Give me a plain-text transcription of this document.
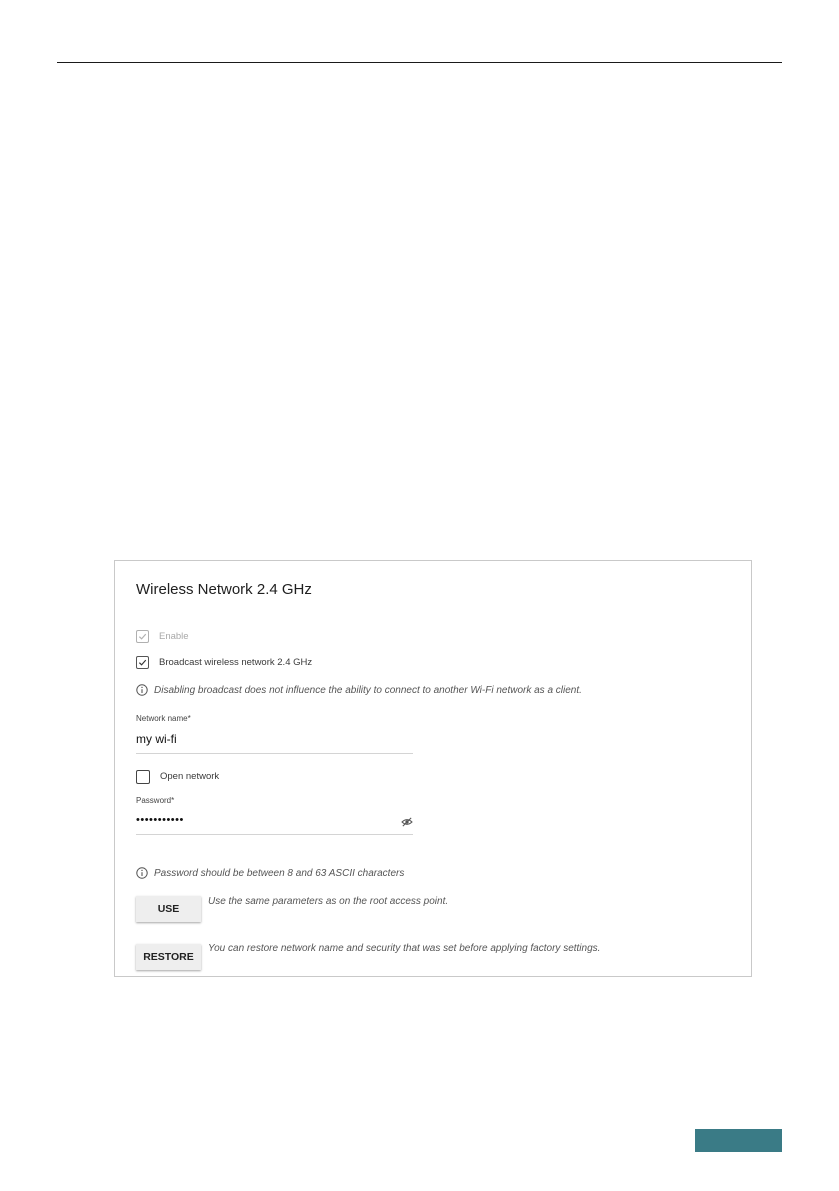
Wireless Network 2.4 GHz
Enable
Broadcast wireless network 2.4 GHz
Disabling broadcast does not influence the ability to connect to another Wi-Fi network as a client.
Network name*
my wi-fi
Open network
Password*
•••••••••••
Password should be between 8 and 63 ASCII characters
USE
Use the same parameters as on the root access point.
RESTORE
You can restore network name and security that was set before applying factory settings.
